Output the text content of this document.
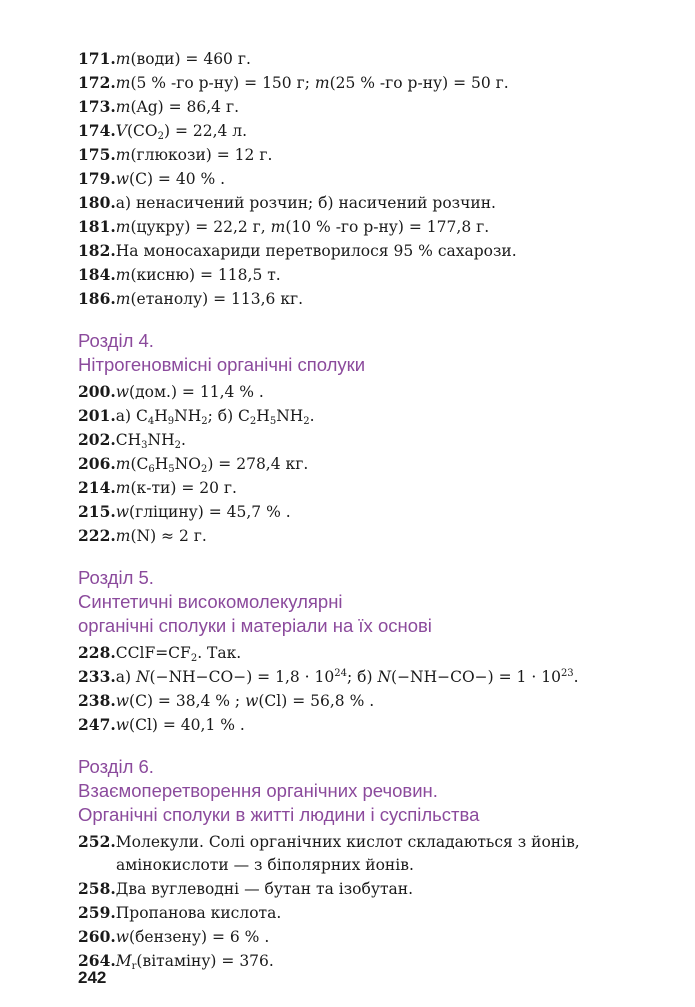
171.m(води) = 460 г.
172.m(5 % -го р-ну) = 150 г; m(25 % -го р-ну) = 50 г.
173.m(Ag) = 86,4 г.
$174.V(CO_2) = 22,4$ л.
175.m(глюкози) = 12 г.
179.w(C) = 40 % .
180.а) ненасичений розчин; б) насичений розчин.
181.m(цукру) = 22,2 г, m(10 % -го р-ну) = 177,8 г.
182.На моносахариди перетворилося 95 % сахарози.
184.m(кисню) = 118,5 т.
186.m(етанолу) = 113,6 кг.
Розділ 4.
Нітрогеновмісні органічні сполуки
200.w(дом.) = 11,4 % .
201.а) $C_4H_9NH_2$; б) $C_2H_5NH_2$.
$202.CH_3NH_2$.
$206.m(C_6H_5NO_2) = 278,4$ кг.
214.m(к-ти) = 20 г.
215.w(гліцину) = 45,7 % .
222.m(N) ≈ 2 г.
Розділ 5.
Синтетичні високомолекулярні
органічні сполуки і матеріали на їх основі
$228.CClF=CF_2$. Так.
233.а) $N(-NH-CO-) = 1,8 \cdot 10^{24}$; б) $N(-NH-CO-) = 1 \cdot 10^{23}$.
238.w(C) = 38,4 % ; w(Cl) = 56,8 % .
247.w(Cl) = 40,1 % .
Розділ 6.
Взаємоперетворення органічних речовин.
Органічні сполуки в житті людини і суспільства
252.Молекули. Солі органічних кислот складаються з йонів,
амінокислоти — з біполярних йонів.
258.Два вуглеводні — бутан та ізобутан.
259.Пропанова кислота.
260.w(бензену) = 6 % .
$264.M_r(вітаміну) = 376$.
242
